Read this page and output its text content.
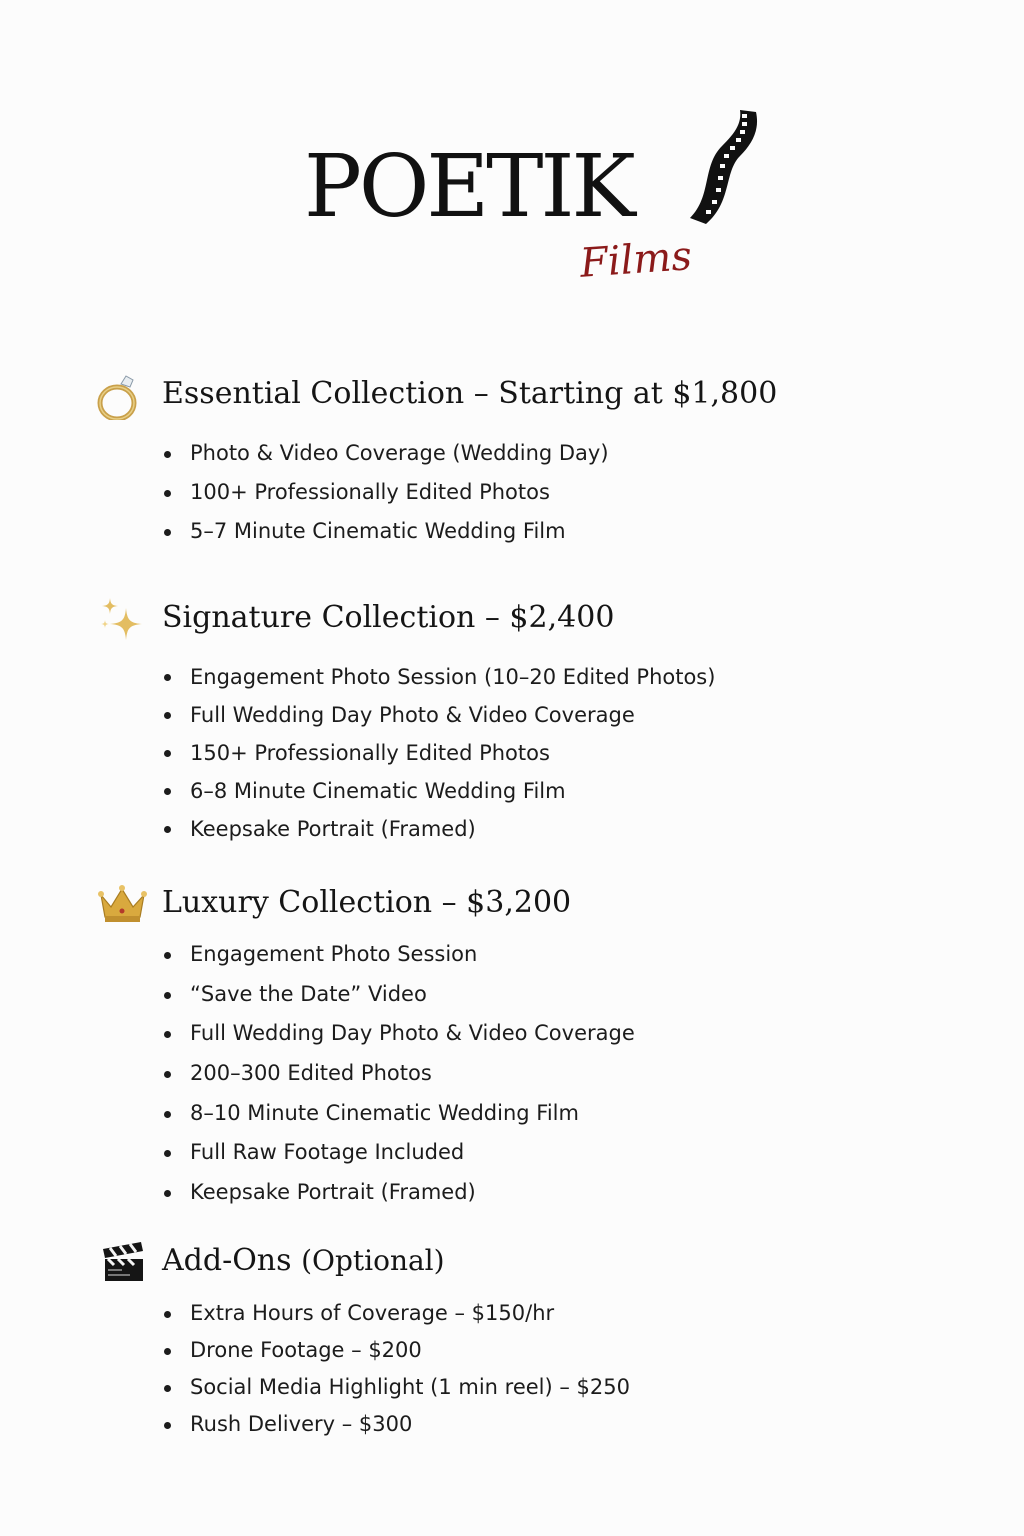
POETIK
Films
Essential Collection – Starting at $1,800
Photo & Video Coverage (Wedding Day)
100+ Professionally Edited Photos
5–7 Minute Cinematic Wedding Film
Signature Collection – $2,400
Engagement Photo Session (10–20 Edited Photos)
Full Wedding Day Photo & Video Coverage
150+ Professionally Edited Photos
6–8 Minute Cinematic Wedding Film
Keepsake Portrait (Framed)
Luxury Collection – $3,200
Engagement Photo Session
“Save the Date” Video
Full Wedding Day Photo & Video Coverage
200–300 Edited Photos
8–10 Minute Cinematic Wedding Film
Full Raw Footage Included
Keepsake Portrait (Framed)
Add-Ons (Optional)
Extra Hours of Coverage – $150/hr
Drone Footage – $200
Social Media Highlight (1 min reel) – $250
Rush Delivery – $300
